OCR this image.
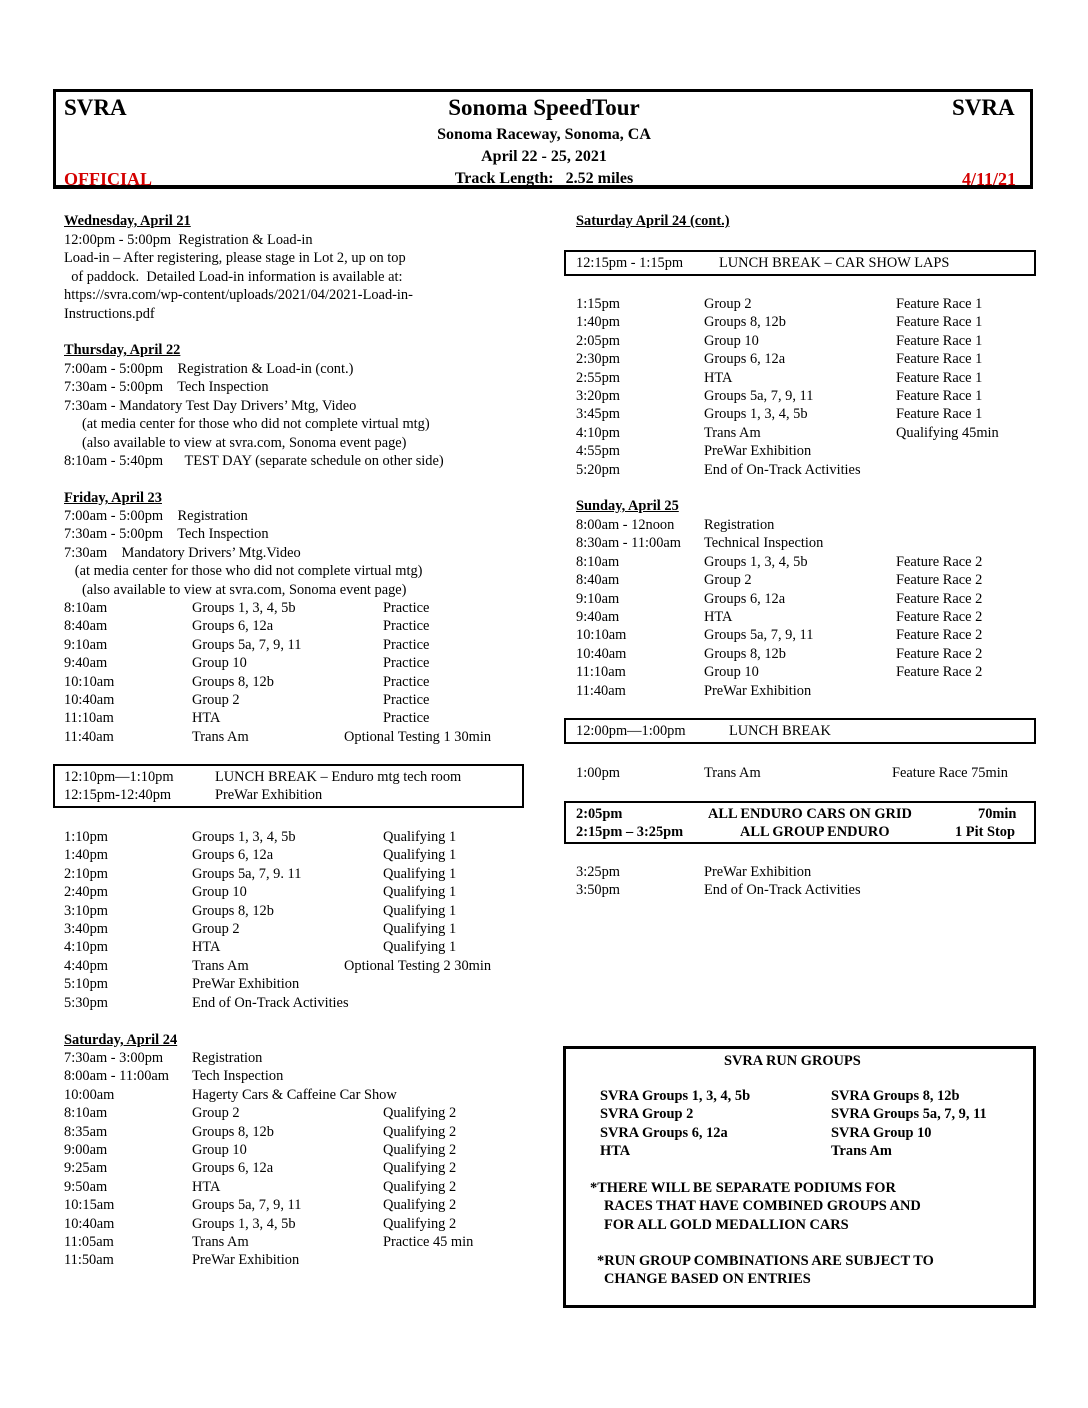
SVRA	SVRA
Sonoma SpeedTour
Sonoma Raceway, Sonoma, CA
April 22 - 25, 2021
OFFICIAL	Track Length:   2.52 miles	4/11/21
Wednesday, April 21
12:00pm - 5:00pm  Registration & Load-in
Load-in – After registering, please stage in Lot 2, up on top
of paddock.  Detailed Load-in information is available at:
https://svra.com/wp-content/uploads/2021/04/2021-Load-in-
Instructions.pdf
Thursday, April 22
7:00am - 5:00pm    Registration & Load-in (cont.)
7:30am - 5:00pm    Tech Inspection
7:30am - Mandatory Test Day Drivers’ Mtg, Video
(at media center for those who did not complete virtual mtg)
(also available to view at svra.com, Sonoma event page)
8:10am - 5:40pm      TEST DAY (separate schedule on other side)
Friday, April 23
7:00am - 5:00pm    Registration
7:30am - 5:00pm    Tech Inspection
7:30am    Mandatory Drivers’ Mtg.Video
(at media center for those who did not complete virtual mtg)
(also available to view at svra.com, Sonoma event page)
8:10am	Groups 1, 3, 4, 5b	Practice
8:40am	Groups 6, 12a	Practice
9:10am	Groups 5a, 7, 9, 11	Practice
9:40am	Group 10	Practice
10:10am	Groups 8, 12b	Practice
10:40am	Group 2	Practice
11:10am	HTA	Practice
11:40am	Trans Am	Optional Testing 1 30min
12:10pm—1:10pm	LUNCH BREAK – Enduro mtg tech room
12:15pm-12:40pm	PreWar Exhibition
1:10pm	Groups 1, 3, 4, 5b	Qualifying 1
1:40pm	Groups 6, 12a	Qualifying 1
2:10pm	Groups 5a, 7, 9. 11	Qualifying 1
2:40pm	Group 10	Qualifying 1
3:10pm	Groups 8, 12b	Qualifying 1
3:40pm	Group 2	Qualifying 1
4:10pm	HTA	Qualifying 1
4:40pm	Trans Am	Optional Testing 2 30min
5:10pm	PreWar Exhibition
5:30pm	End of On-Track Activities
Saturday, April 24
7:30am - 3:00pm Registration
8:00am - 11:00am Tech Inspection
10:00am	Hagerty Cars & Caffeine Car Show
8:10am	Group 2	Qualifying 2
8:35am	Groups 8, 12b	Qualifying 2
9:00am	Group 10	Qualifying 2
9:25am	Groups 6, 12a	Qualifying 2
9:50am	HTA	Qualifying 2
10:15am	Groups 5a, 7, 9, 11	Qualifying 2
10:40am	Groups 1, 3, 4, 5b	Qualifying 2
11:05am	Trans Am	Practice 45 min
11:50am	PreWar Exhibition
Saturday April 24 (cont.)
12:15pm - 1:15pm LUNCH BREAK – CAR SHOW LAPS
1:15pm	Group 2	Feature Race 1
1:40pm	Groups 8, 12b	Feature Race 1
2:05pm	Group 10	Feature Race 1
2:30pm	Groups 6, 12a	Feature Race 1
2:55pm	HTA	Feature Race 1
3:20pm	Groups 5a, 7, 9, 11	Feature Race 1
3:45pm	Groups 1, 3, 4, 5b	Feature Race 1
4:10pm	Trans Am	Qualifying 45min
4:55pm	PreWar Exhibition
5:20pm	End of On-Track Activities
Sunday, April 25
8:00am - 12noon Registration
8:30am - 11:00am Technical Inspection
8:10am	Groups 1, 3, 4, 5b	Feature Race 2
8:40am	Group 2	Feature Race 2
9:10am	Groups 6, 12a	Feature Race 2
9:40am	HTA	Feature Race 2
10:10am	Groups 5a, 7, 9, 11	Feature Race 2
10:40am	Groups 8, 12b	Feature Race 2
11:10am	Group 10	Feature Race 2
11:40am	PreWar Exhibition
12:00pm—1:00pm	LUNCH BREAK
1:00pm	Trans Am	Feature Race 75min
2:05pm	ALL ENDURO CARS ON GRID	70min
2:15pm – 3:25pm	ALL GROUP ENDURO	1 Pit Stop
3:25pm	PreWar Exhibition
3:50pm	End of On-Track Activities
SVRA RUN GROUPS
SVRA Groups 1, 3, 4, 5b
SVRA Group 2
SVRA Groups 6, 12a
HTA
SVRA Groups 8, 12b
SVRA Groups 5a, 7, 9, 11
SVRA Group 10
Trans Am
*THERE WILL BE SEPARATE PODIUMS FOR
RACES THAT HAVE COMBINED GROUPS AND
FOR ALL GOLD MEDALLION CARS
*RUN GROUP COMBINATIONS ARE SUBJECT TO
CHANGE BASED ON ENTRIES
